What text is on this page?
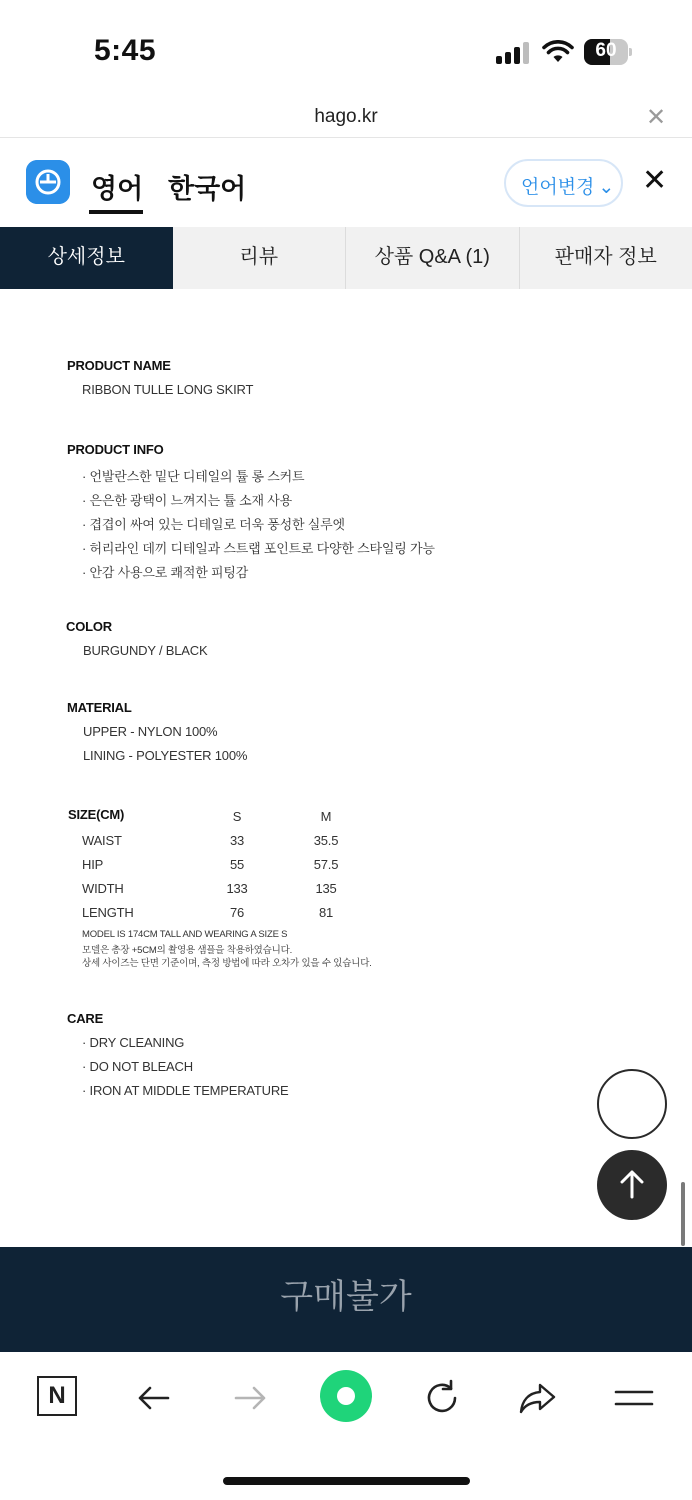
5:45	60
hago.kr	✕
영어 한국어	언어변경 ⌄ ✕
상세정보	리뷰	상품 Q&A (1)	판매자 정보
PRODUCT NAME
RIBBON TULLE LONG SKIRT
PRODUCT INFO
· 언발란스한 밑단 디테일의 튤 롱 스커트
· 은은한 광택이 느껴지는 튤 소재 사용
· 겹겹이 싸여 있는 디테일로 더욱 풍성한 실루엣
· 허리라인 데끼 디테일과 스트랩 포인트로 다양한 스타일링 가능
· 안감 사용으로 쾌적한 피팅감
COLOR
BURGUNDY / BLACK
MATERIAL
UPPER - NYLON 100%
LINING - POLYESTER 100%
SIZE(CM)	S	M
WAIST	33	35.5
HIP	55	57.5
WIDTH	133	135
LENGTH	76	81
MODEL IS 174CM TALL AND WEARING A SIZE S
모델은 총장 +5CM의 촬영용 샘플을 착용하였습니다.
상세 사이즈는 단면 기준이며, 측정 방법에 따라 오차가 있을 수 있습니다.
CARE
· DRY CLEANING
· DO NOT BLEACH
· IRON AT MIDDLE TEMPERATURE
구매불가
N
